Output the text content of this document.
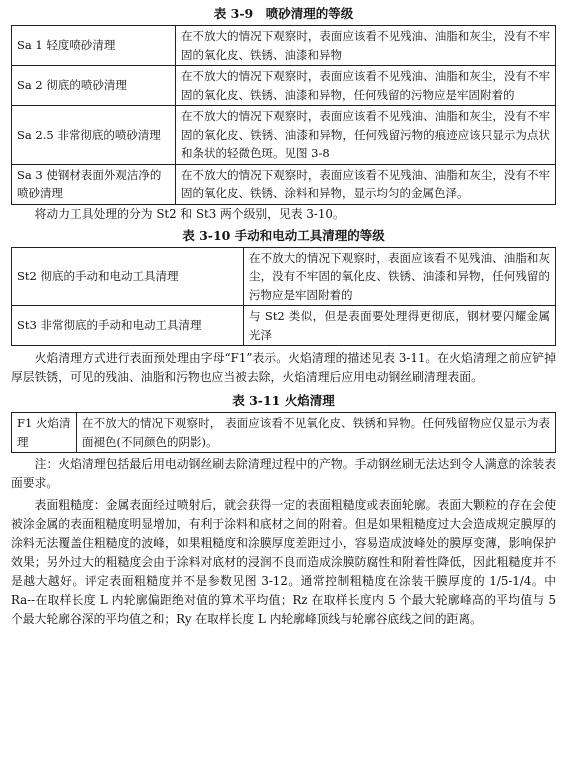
表 3-9　喷砂清理的等级
Sa 1 轻度喷砂清理	在不放大的情况下观察时，表面应该看不见残油、油脂和灰尘，没有不牢固的氧化皮、铁锈、油漆和异物
Sa 2 彻底的喷砂清理	在不放大的情况下观察时，表面应该看不见残油、油脂和灰尘，没有不牢固的氧化皮、铁锈、油漆和异物，任何残留的污物应是牢固附着的
Sa 2.5 非常彻底的喷砂清理	在不放大的情况下观察时，表面应该看不见残油、油脂和灰尘，没有不牢固的氧化皮、铁锈、油漆和异物，任何残留污物的痕迹应该只显示为点状和条状的轻微色斑。见图 3-8
Sa 3 使钢材表面外观洁净的喷砂清理	在不放大的情况下观察时，表面应该看不见残油、油脂和灰尘，没有不牢固的氧化皮、铁锈、涂料和异物，显示均匀的金属色泽。

将动力工具处理的分为 St2 和 St3 两个级别，见表 3-10。

表 3-10 手动和电动工具清理的等级
St2 彻底的手动和电动工具清理	在不放大的情况下观察时，表面应该看不见残油、油脂和灰尘，没有不牢固的氧化皮、铁锈、油漆和异物，任何残留的污物应是牢固附着的
St3 非常彻底的手动和电动工具清理	与 St2 类似，但是表面要处理得更彻底，钢材要闪耀金属光泽

火焰清理方式进行表面预处理由字母“F1”表示。火焰清理的描述见表 3-11。在火焰清理之前应铲掉厚层铁锈，可见的残油、油脂和污物也应当被去除，火焰清理后应用电动钢丝刷清理表面。

表 3-11 火焰清理
F1 火焰清理	在不放大的情况下观察时， 表面应该看不见氧化皮、铁锈和异物。任何残留物应仅显示为表面褪色(不同颜色的阴影)。

注：火焰清理包括最后用电动钢丝刷去除清理过程中的产物。手动钢丝刷无法达到令人满意的涂装表面要求。

表面粗糙度：金属表面经过喷射后，就会获得一定的表面粗糙度或表面轮廓。表面大颗粒的存在会使被涂金属的表面粗糙度明显增加，有利于涂料和底材之间的附着。但是如果粗糙度过大会造成规定膜厚的涂料无法覆盖住粗糙度的波峰，如果粗糙度和涂膜厚度差距过小，容易造成波峰处的膜厚变薄，影响保护效果；另外过大的粗糙度会由于涂料对底材的浸润不良而造成涂膜防腐性和附着性降低，因此粗糙度并不是越大越好。评定表面粗糙度并不是参数见图 3-12。通常控制粗糙度在涂装干膜厚度的 1/5-1/4。中 Ra--在取样长度 L 内轮廓偏距绝对值的算术平均值；Rz 在取样长度内 5 个最大轮廓峰高的平均值与 5 个最大轮廓谷深的平均值之和；Ry 在取样长度 L 内轮廓峰顶线与轮廓谷底线之间的距离。
